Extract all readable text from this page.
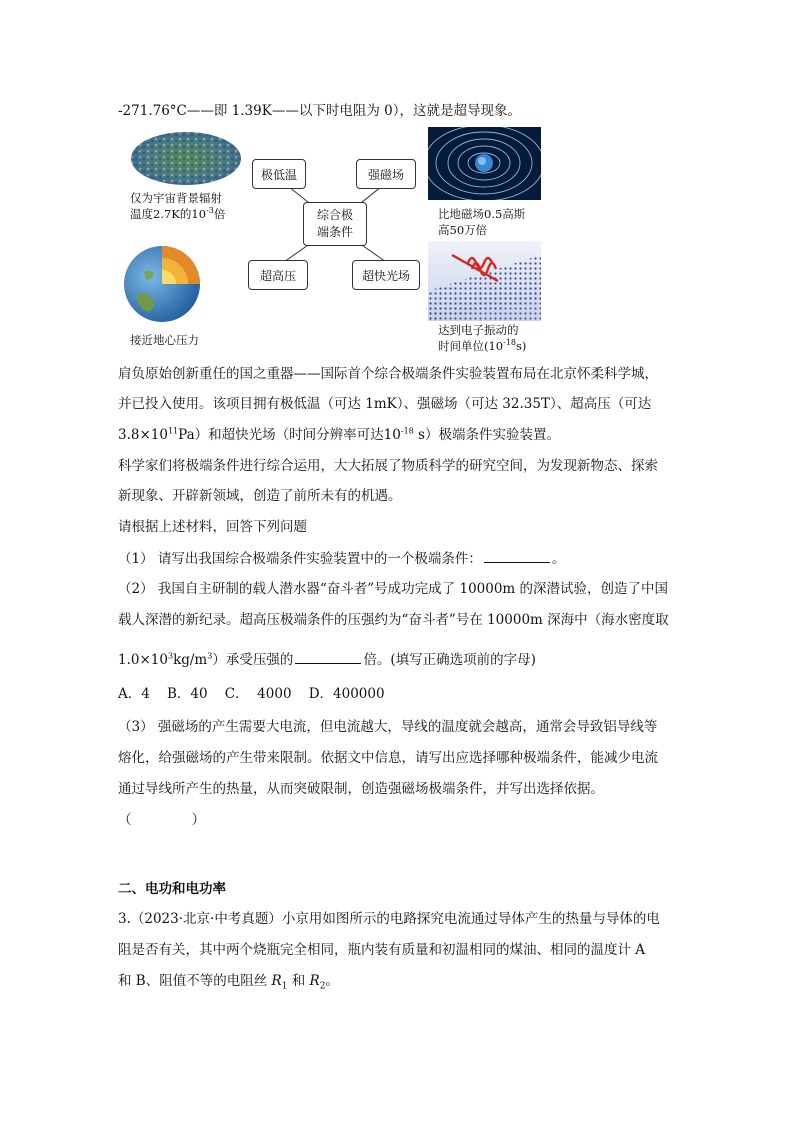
-271.76°C——即 1.39K——以下时电阻为 0），这就是超导现象。
仅为宇宙背景辐射
温度2.7K的$10^{-3}$倍
接近地心压力
极低温	强磁场
综合极
端条件
超高压	超快光场
比地磁场0.5高斯
高50万倍
达到电子振动的
时间单位$(10^{-18}s)$
肩负原始创新重任的国之重器——国际首个综合极端条件实验装置布局在北京怀柔科学城，
并已投入使用。该项目拥有极低温（可达 1mK）、强磁场（可达 32.35T）、超高压（可达
$3.8\times 10^{11}Pa$）和超快光场（时间分辨率可达$10^{-18}$ s）极端条件实验装置。
科学家们将极端条件进行综合运用，大大拓展了物质科学的研究空间，为发现新物态、探索
新现象、开辟新领域，创造了前所未有的机遇。
请根据上述材料，回答下列问题
（1） 请写出我国综合极端条件实验装置中的一个极端条件：	。
（2） 我国自主研制的载人潜水器“奋斗者”号成功完成了 10000m 的深潜试验，创造了中国
载人深潜的新纪录。超高压极端条件的压强约为“奋斗者”号在 10000m 深海中（海水密度取
$1.0\times 10^3kg/m^3$）承受压强的	倍。(填写正确选项前的字母)
A．4    B．40    C．  4000    D．400000
（3） 强磁场的产生需要大电流，但电流越大，导线的温度就会越高，通常会导致铝导线等
熔化，给强磁场的产生带来限制。依据文中信息，请写出应选择哪种极端条件，能减少电流
通过导线所产生的热量，从而突破限制，创造强磁场极端条件，并写出选择依据。
（              ）
二、电功和电功率
3.（2023·北京·中考真题）小京用如图所示的电路探究电流通过导体产生的热量与导体的电
阻是否有关，其中两个烧瓶完全相同，瓶内装有质量和初温相同的煤油、相同的温度计 A
和 B、阻值不等的电阻丝 $R_1$ 和 $R_2$。
